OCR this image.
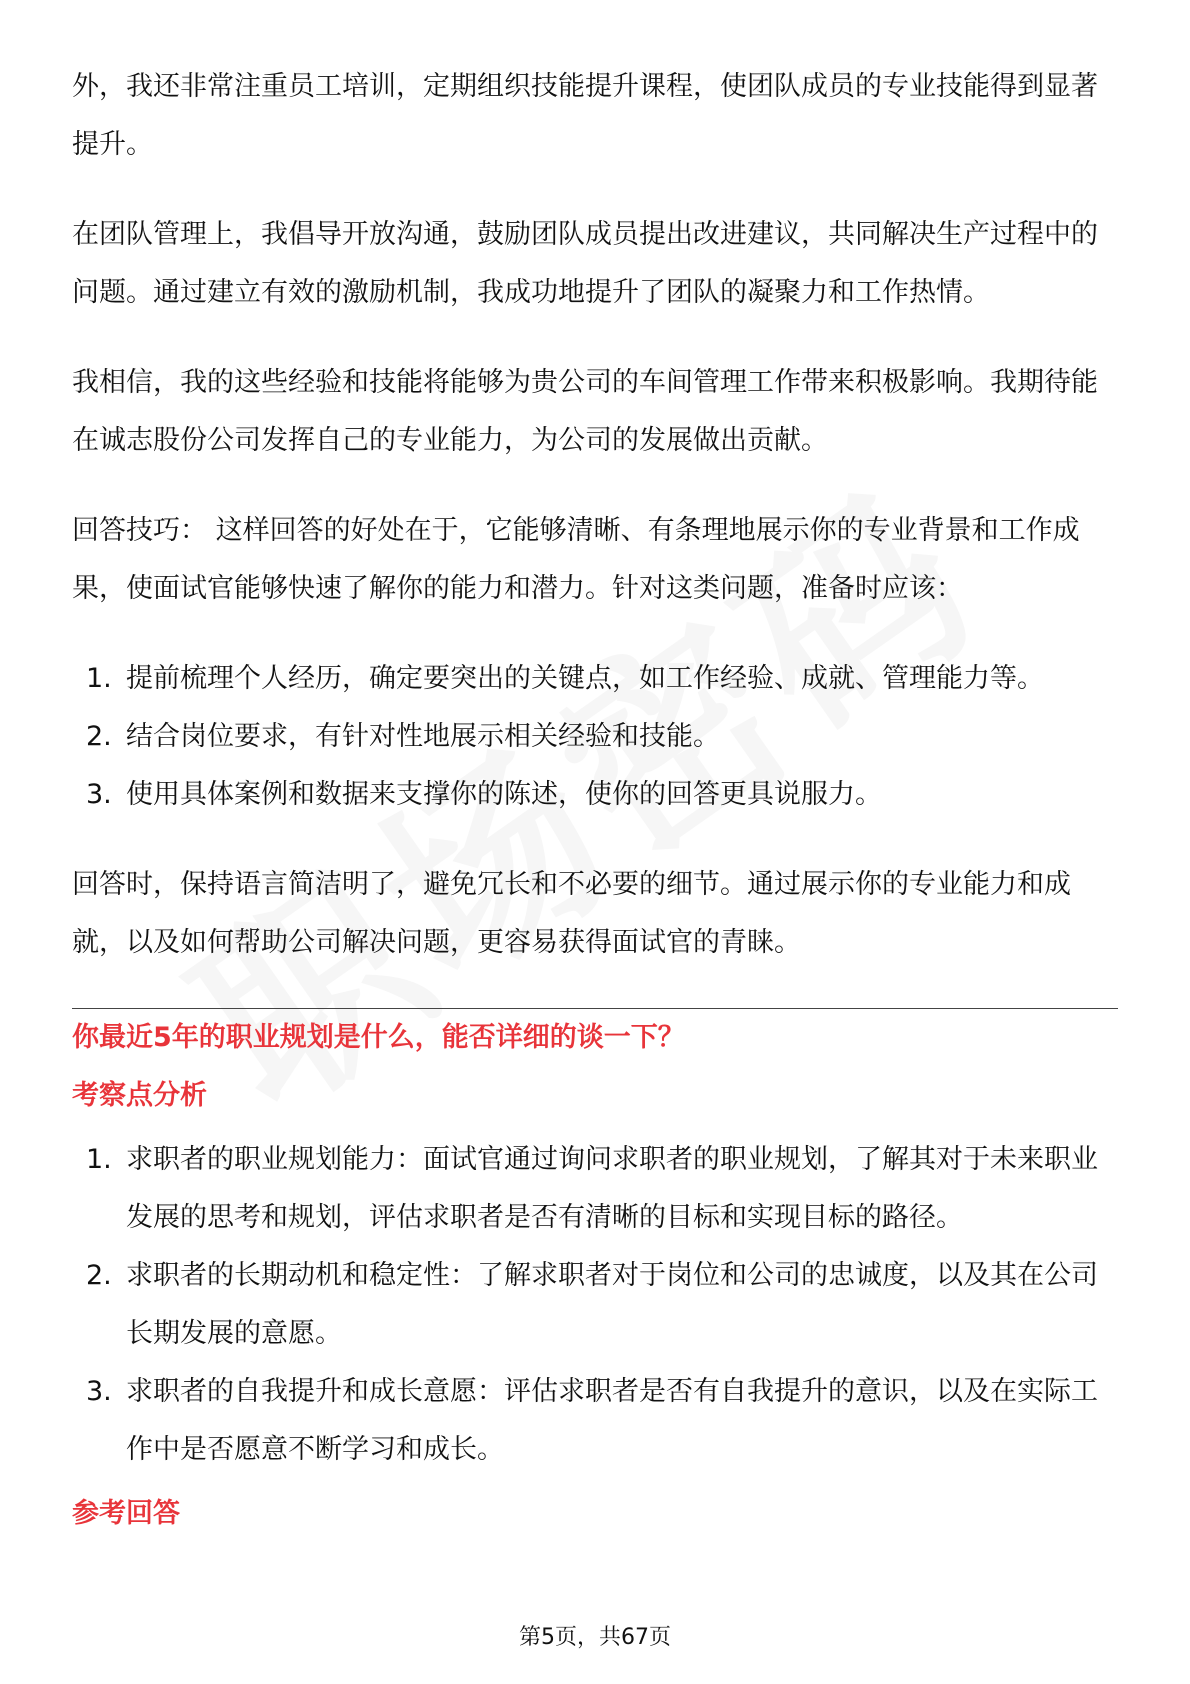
外，我还非常注重员工培训，定期组织技能提升课程，使团队成员的专业技能得到显著提升。

在团队管理上，我倡导开放沟通，鼓励团队成员提出改进建议，共同解决生产过程中的问题。通过建立有效的激励机制，我成功地提升了团队的凝聚力和工作热情。

我相信，我的这些经验和技能将能够为贵公司的车间管理工作带来积极影响。我期待能在诚志股份公司发挥自己的专业能力，为公司的发展做出贡献。

回答技巧： 这样回答的好处在于，它能够清晰、有条理地展示你的专业背景和工作成果，使面试官能够快速了解你的能力和潜力。针对这类问题，准备时应该：

1. 提前梳理个人经历，确定要突出的关键点，如工作经验、成就、管理能力等。
2. 结合岗位要求，有针对性地展示相关经验和技能。
3. 使用具体案例和数据来支撑你的陈述，使你的回答更具说服力。

回答时，保持语言简洁明了，避免冗长和不必要的细节。通过展示你的专业能力和成就，以及如何帮助公司解决问题，更容易获得面试官的青睐。

你最近5年的职业规划是什么，能否详细的谈一下？

考察点分析

1. 求职者的职业规划能力：面试官通过询问求职者的职业规划，了解其对于未来职业发展的思考和规划，评估求职者是否有清晰的目标和实现目标的路径。
2. 求职者的长期动机和稳定性：了解求职者对于岗位和公司的忠诚度，以及其在公司长期发展的意愿。
3. 求职者的自我提升和成长意愿：评估求职者是否有自我提升的意识，以及在实际工作中是否愿意不断学习和成长。

参考回答

第5页，共67页
